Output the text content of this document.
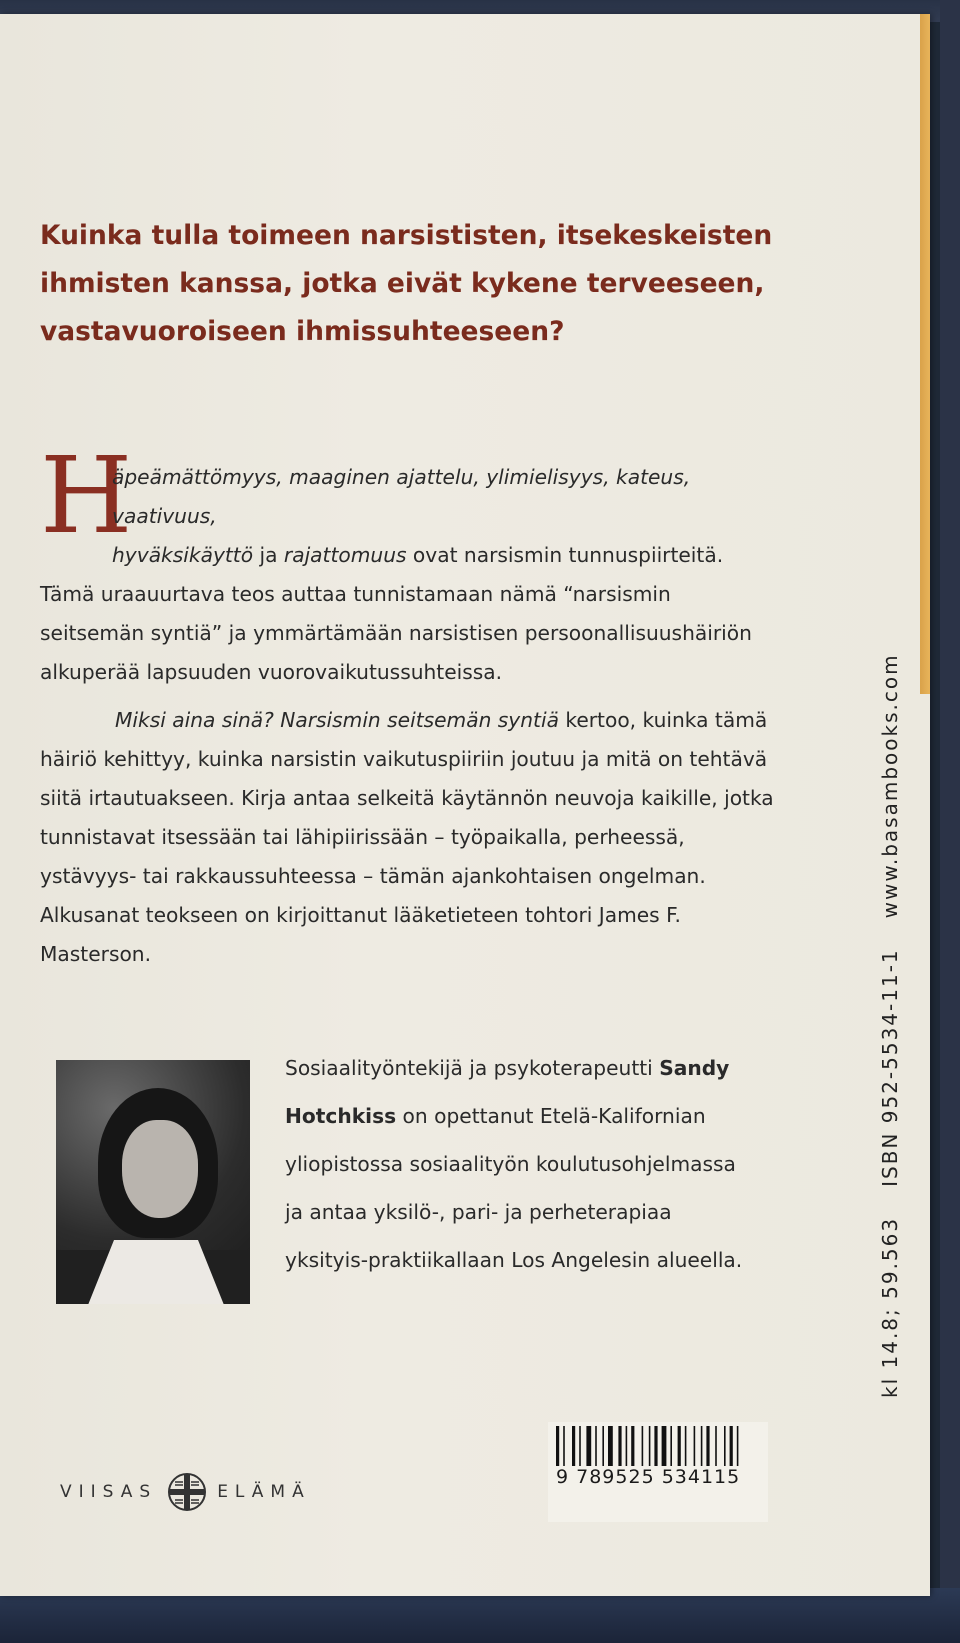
Kuinka tulla toimeen narsististen, itsekeskeisten ihmisten kanssa, jotka eivät kykene terveeseen, vastavuoroiseen ihmissuhteeseen?

H

äpeämättömyys, maaginen ajattelu, ylimielisyys, kateus, vaativuus,
hyväksikäyttö ja rajattomuus ovat narsismin tunnuspiirteitä.
Tämä uraauurtava teos auttaa tunnistamaan nämä “narsismin seitsemän syntiä” ja ymmärtämään narsistisen persoonallisuushäiriön alkuperää lapsuuden vuorovaikutussuhteissa.

Miksi aina sinä? Narsismin seitsemän syntiä kertoo, kuinka tämä häiriö kehittyy, kuinka narsistin vaikutuspiiriin joutuu ja mitä on tehtävä siitä irtautuakseen. Kirja antaa selkeitä käytännön neuvoja kaikille, jotka tunnistavat itsessään tai lähipiirissään – työpaikalla, perheessä, ystävyys- tai rakkaussuhteessa – tämän ajankohtaisen ongelman. Alkusanat teokseen on kirjoittanut lääketieteen tohtori James F. Masterson.

Sosiaalityöntekijä ja psykoterapeutti Sandy Hotchkiss on opettanut Etelä-Kalifornian yliopistossa sosiaalityön koulutusohjelmassa ja antaa yksilö-, pari- ja perheterapiaa yksityis-praktiikallaan Los Angelesin alueella.

VIISAS	ELÄMÄ
9 789525 534115
kl 14.8; 59.563ISBN 952-5534-11-1www.basambooks.com
